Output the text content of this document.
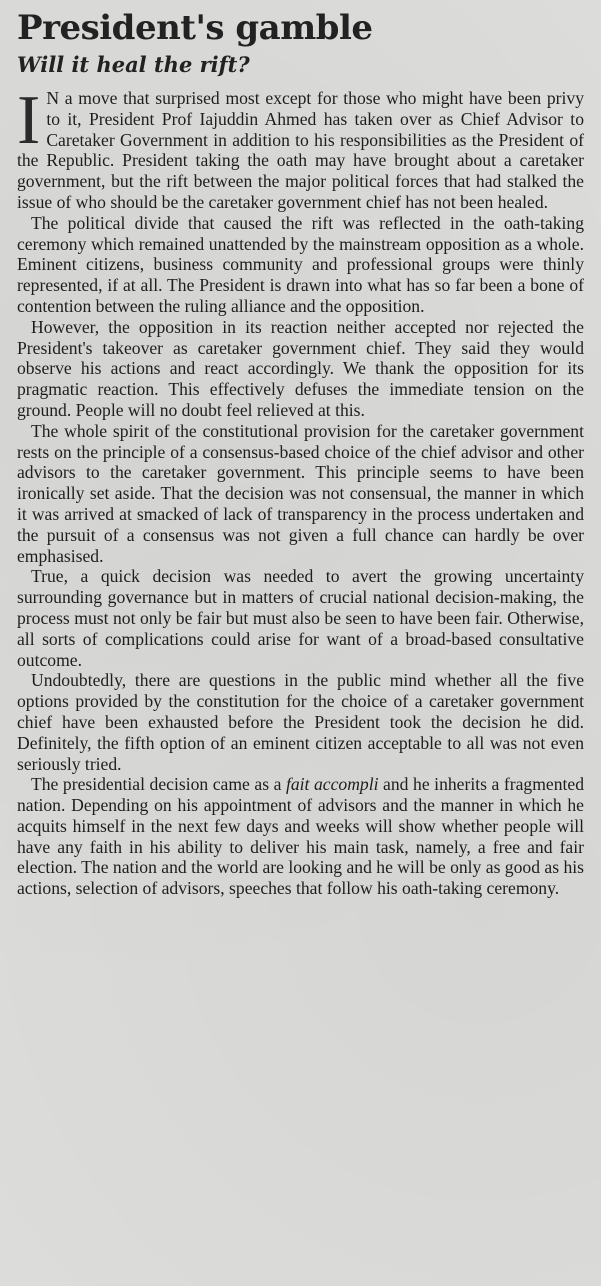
President's gamble
Will it heal the rift?

I N a move that surprised most except for those who might have been privy to it, President Prof Iajuddin Ahmed has taken over as Chief Advisor to Caretaker Government in addition to his responsibilities as the President of the Republic. President taking the oath may have brought about a caretaker government, but the rift between the major political forces that had stalked the issue of who should be the caretaker government chief has not been healed.

The political divide that caused the rift was reflected in the oath-taking ceremony which remained unattended by the mainstream opposition as a whole. Eminent citizens, business community and professional groups were thinly represented, if at all. The President is drawn into what has so far been a bone of contention between the ruling alliance and the opposition.

However, the opposition in its reaction neither accepted nor rejected the President's takeover as caretaker government chief. They said they would observe his actions and react accordingly. We thank the opposition for its pragmatic reaction. This effectively defuses the immediate tension on the ground. People will no doubt feel relieved at this.

The whole spirit of the constitutional provision for the caretaker government rests on the principle of a consensus-based choice of the chief advisor and other advisors to the caretaker government. This principle seems to have been ironically set aside. That the decision was not consensual, the manner in which it was arrived at smacked of lack of transparency in the process undertaken and the pursuit of a consensus was not given a full chance can hardly be over emphasised.

True, a quick decision was needed to avert the growing uncertainty surrounding governance but in matters of crucial national decision-making, the process must not only be fair but must also be seen to have been fair. Otherwise, all sorts of complications could arise for want of a broad-based consultative outcome.

Undoubtedly, there are questions in the public mind whether all the five options provided by the constitution for the choice of a caretaker government chief have been exhausted before the President took the decision he did. Definitely, the fifth option of an eminent citizen acceptable to all was not even seriously tried.

The presidential decision came as a fait accompli and he inherits a fragmented nation. Depending on his appointment of advisors and the manner in which he acquits himself in the next few days and weeks will show whether people will have any faith in his ability to deliver his main task, namely, a free and fair election. The nation and the world are looking and he will be only as good as his actions, selection of advisors, speeches that follow his oath-taking ceremony.
